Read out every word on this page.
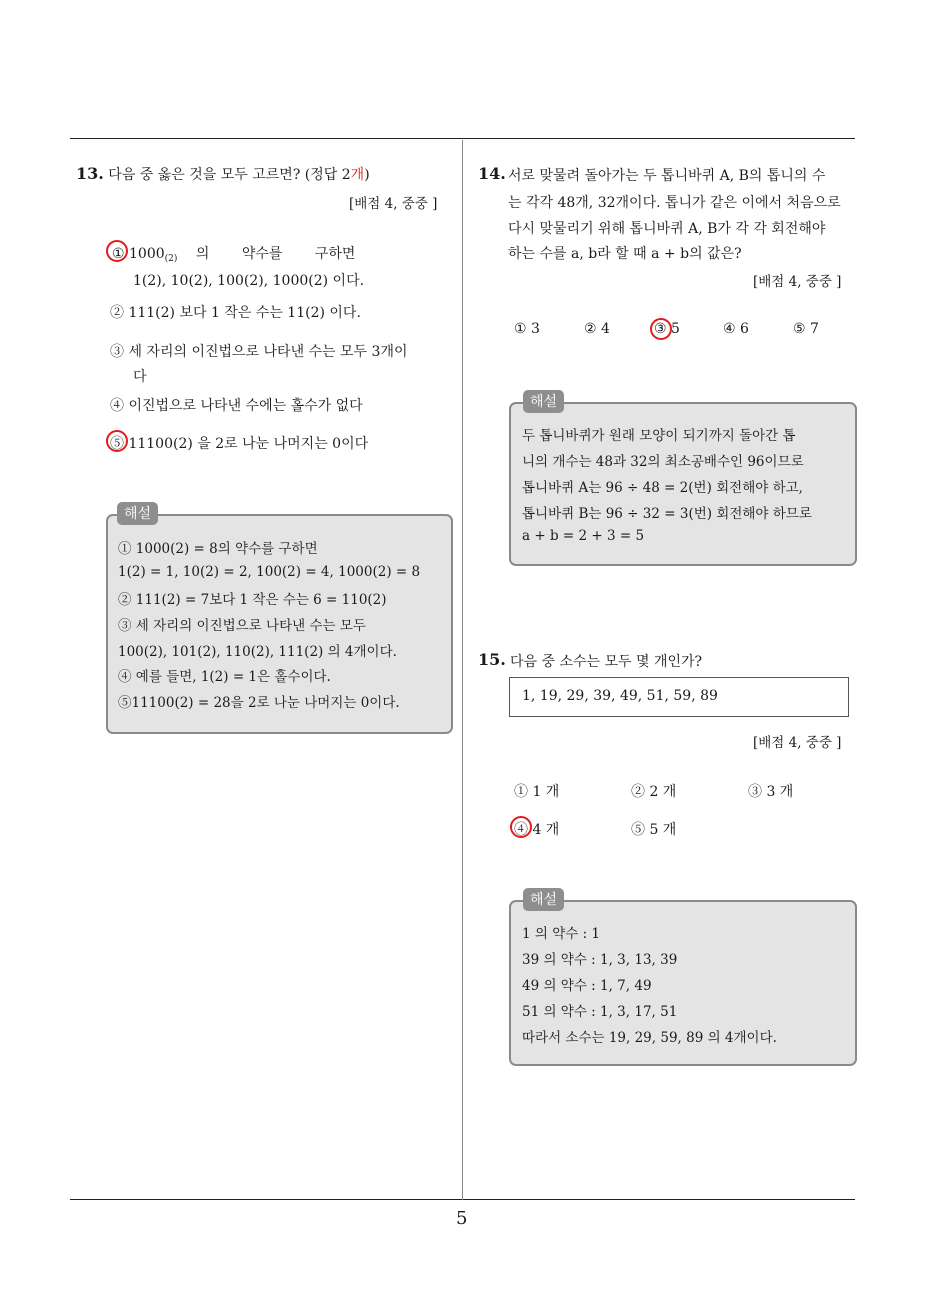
13. 다음 중 옳은 것을 모두 고르면? (정답 2개)
[배점 4, 중중 ]
① $1000_{(2)}$ 의 약수를 구하면
1(2), 10(2), 100(2), 1000(2) 이다.
② 111(2) 보다 1 작은 수는 11(2) 이다.
③ 세 자리의 이진법으로 나타낸 수는 모두 3개이
다
④ 이진법으로 나타낸 수에는 홀수가 없다
⑤ 11100(2) 을 2로 나눈 나머지는 0이다
해설
① 1000(2) = 8의 약수를 구하면
1(2) = 1, 10(2) = 2, 100(2) = 4, 1000(2) = 8
② 111(2) = 7보다 1 작은 수는 6 = 110(2)
③ 세 자리의 이진법으로 나타낸 수는 모두
100(2), 101(2), 110(2), 111(2) 의 4개이다.
④ 예를 들면, 1(2) = 1은 홀수이다.
⑤11100(2) = 28을 2로 나눈 나머지는 0이다.
14. 서로 맞물려 돌아가는 두 톱니바퀴 A, B의 톱니의 수
는 각각 48개, 32개이다. 톱니가 같은 이에서 처음으로
다시 맞물리기 위해 톱니바퀴 A, B가 각 각 회전해야
하는 수를 a, b라 할 때 a + b의 값은?
[배점 4, 중중 ]
① 3	② 4	③ 5	④ 6	⑤ 7
해설
두 톱니바퀴가 원래 모양이 되기까지 돌아간 톱
니의 개수는 48과 32의 최소공배수인 96이므로
톱니바퀴 A는 96 ÷ 48 = 2(번) 회전해야 하고,
톱니바퀴 B는 96 ÷ 32 = 3(번) 회전해야 하므로
a + b = 2 + 3 = 5
15. 다음 중 소수는 모두 몇 개인가?
1, 19, 29, 39, 49, 51, 59, 89
[배점 4, 중중 ]
① 1 개	② 2 개	③ 3 개
④ 4 개	⑤ 5 개
해설
1 의 약수 : 1
39 의 약수 : 1, 3, 13, 39
49 의 약수 : 1, 7, 49
51 의 약수 : 1, 3, 17, 51
따라서 소수는 19, 29, 59, 89 의 4개이다.
5
